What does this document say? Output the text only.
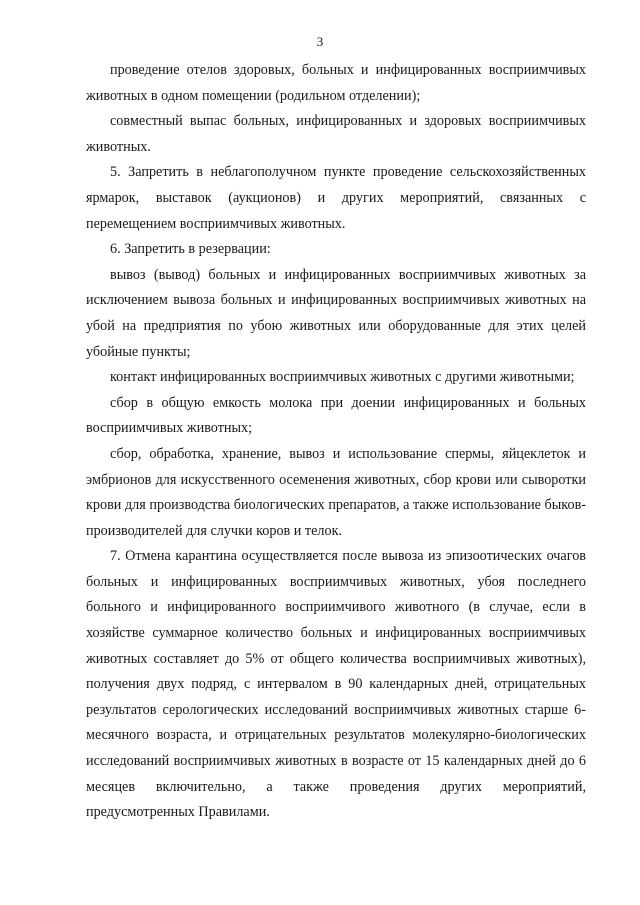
3

проведение отелов здоровых, больных и инфицированных восприимчивых животных в одном помещении (родильном отделении);

совместный выпас больных, инфицированных и здоровых восприимчивых животных.

5. Запретить в неблагополучном пункте проведение сельскохозяйственных ярмарок, выставок (аукционов) и других мероприятий, связанных с перемещением восприимчивых животных.

6. Запретить в резервации:

вывоз (вывод) больных и инфицированных восприимчивых животных за исключением вывоза больных и инфицированных восприимчивых животных на убой на предприятия по убою животных или оборудованные для этих целей убойные пункты;

контакт инфицированных восприимчивых животных с другими животными;

сбор в общую емкость молока при доении инфицированных и больных восприимчивых животных;

сбор, обработка, хранение, вывоз и использование спермы, яйцеклеток и эмбрионов для искусственного осеменения животных, сбор крови или сыворотки крови для производства биологических препаратов, а также использование быков-производителей для случки коров и телок.

7. Отмена карантина осуществляется после вывоза из эпизоотических очагов больных и инфицированных восприимчивых животных, убоя последнего больного и инфицированного восприимчивого животного (в случае, если в хозяйстве суммарное количество больных и инфицированных восприимчивых животных составляет до 5% от общего количества восприимчивых животных), получения двух подряд, с интервалом в 90 календарных дней, отрицательных результатов серологических исследований восприимчивых животных старше 6-месячного возраста, и отрицательных результатов молекулярно-биологических исследований восприимчивых животных в возрасте от 15 календарных дней до 6 месяцев включительно, а также проведения других мероприятий, предусмотренных Правилами.
